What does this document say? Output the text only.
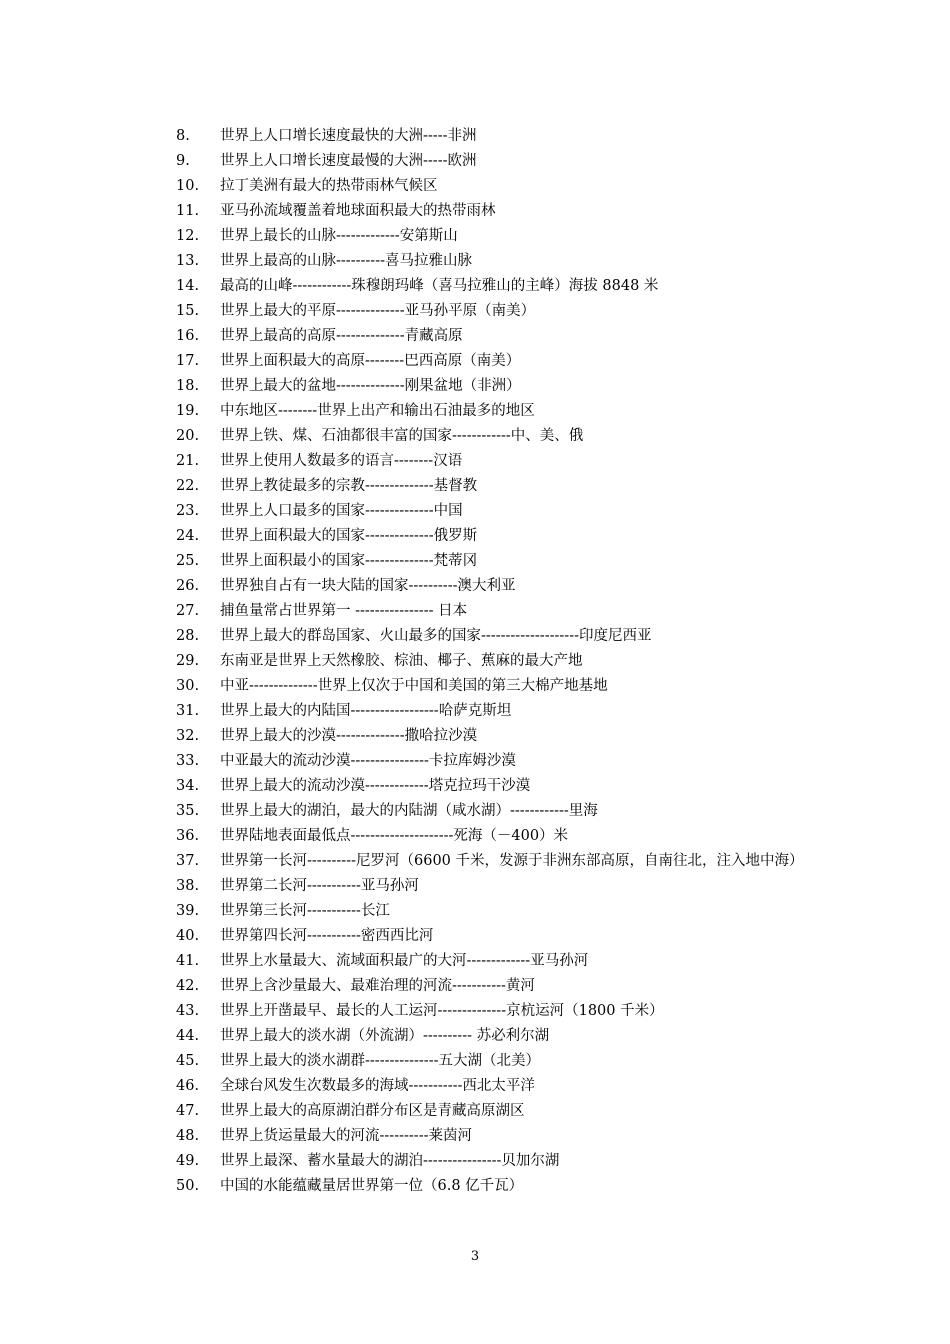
8. 世界上人口增长速度最快的大洲-----非洲
9. 世界上人口增长速度最慢的大洲-----欧洲
10. 拉丁美洲有最大的热带雨林气候区
11. 亚马孙流域覆盖着地球面积最大的热带雨林
12. 世界上最长的山脉-------------安第斯山
13. 世界上最高的山脉----------喜马拉雅山脉
14. 最高的山峰------------珠穆朗玛峰（喜马拉雅山的主峰）海拔 8848 米
15. 世界上最大的平原--------------亚马孙平原（南美）
16. 世界上最高的高原--------------青藏高原
17. 世界上面积最大的高原--------巴西高原（南美）
18. 世界上最大的盆地--------------刚果盆地（非洲）
19. 中东地区--------世界上出产和输出石油最多的地区
20. 世界上铁、煤、石油都很丰富的国家------------中、美、俄
21. 世界上使用人数最多的语言--------汉语
22. 世界上教徒最多的宗教--------------基督教
23. 世界上人口最多的国家--------------中国
24. 世界上面积最大的国家--------------俄罗斯
25. 世界上面积最小的国家--------------梵蒂冈
26. 世界独自占有一块大陆的国家----------澳大利亚
27. 捕鱼量常占世界第一 ---------------- 日本
28. 世界上最大的群岛国家、火山最多的国家--------------------印度尼西亚
29. 东南亚是世界上天然橡胶、棕油、椰子、蕉麻的最大产地
30. 中亚--------------世界上仅次于中国和美国的第三大棉产地基地
31. 世界上最大的内陆国------------------哈萨克斯坦
32. 世界上最大的沙漠--------------撒哈拉沙漠
33. 中亚最大的流动沙漠----------------卡拉库姆沙漠
34. 世界上最大的流动沙漠-------------塔克拉玛干沙漠
35. 世界上最大的湖泊，最大的内陆湖（咸水湖）------------里海
36. 世界陆地表面最低点---------------------死海（－400）米
37. 世界第一长河----------尼罗河（6600 千米，发源于非洲东部高原，自南往北，注入地中海）
38. 世界第二长河-----------亚马孙河
39. 世界第三长河-----------长江
40. 世界第四长河-----------密西西比河
41. 世界上水量最大、流域面积最广的大河-------------亚马孙河
42. 世界上含沙量最大、最难治理的河流-----------黄河
43. 世界上开凿最早、最长的人工运河--------------京杭运河（1800 千米）
44. 世界上最大的淡水湖（外流湖）---------- 苏必利尔湖
45. 世界上最大的淡水湖群---------------五大湖（北美）
46. 全球台风发生次数最多的海域-----------西北太平洋
47. 世界上最大的高原湖泊群分布区是青藏高原湖区
48. 世界上货运量最大的河流----------莱茵河
49. 世界上最深、蓄水量最大的湖泊----------------贝加尔湖
50. 中国的水能蕴藏量居世界第一位（6.8 亿千瓦）
3
